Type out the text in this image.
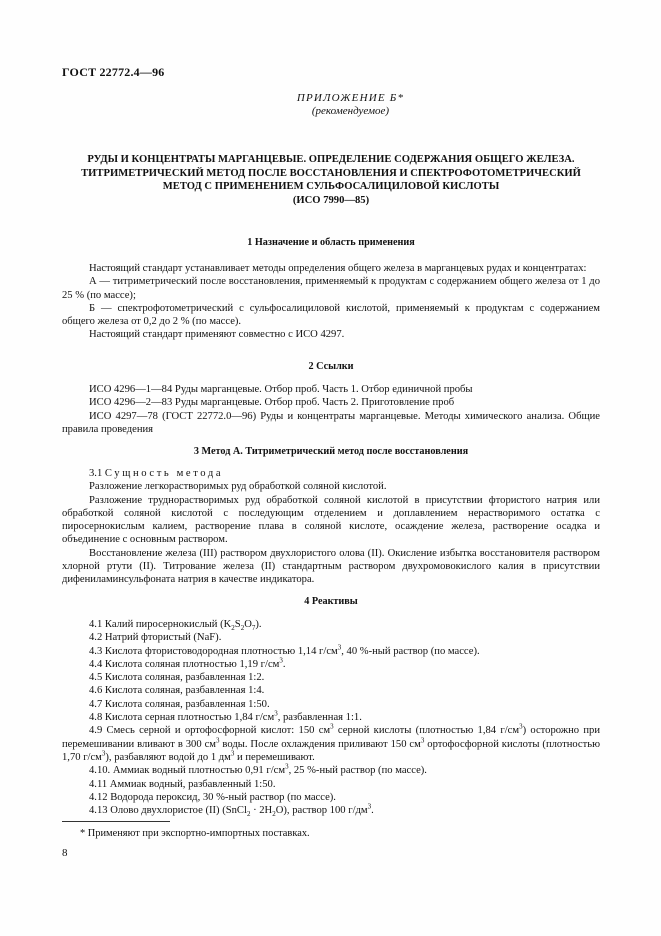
ГОСТ 22772.4—96
ПРИЛОЖЕНИЕ Б*
(рекомендуемое)
РУДЫ И КОНЦЕНТРАТЫ МАРГАНЦЕВЫЕ. ОПРЕДЕЛЕНИЕ СОДЕРЖАНИЯ ОБЩЕГО ЖЕЛЕЗА.
ТИТРИМЕТРИЧЕСКИЙ МЕТОД ПОСЛЕ ВОССТАНОВЛЕНИЯ И СПЕКТРОФОТОМЕТРИЧЕСКИЙ
МЕТОД С ПРИМЕНЕНИЕМ СУЛЬФОСАЛИЦИЛОВОЙ КИСЛОТЫ
(ИСО 7990—85)
1 Назначение и область применения

Настоящий стандарт устанавливает методы определения общего железа в марганцевых рудах и концентратах:

А — титриметрический после восстановления, применяемый к продуктам с содержанием общего железа от 1 до 25 % (по массе);

Б — спектрофотометрический с сульфосалициловой кислотой, применяемый к продуктам с содержанием общего железа от 0,2 до 2 % (по массе).

Настоящий стандарт применяют совместно с ИСО 4297.

2 Ссылки

ИСО 4296—1—84 Руды марганцевые. Отбор проб. Часть 1. Отбор единичной пробы

ИСО 4296—2—83 Руды марганцевые. Отбор проб. Часть 2. Приготовление проб

ИСО 4297—78 (ГОСТ 22772.0—96) Руды и концентраты марганцевые. Методы химического анализа. Общие правила проведения

3 Метод А. Титриметрический метод после восстановления

3.1 Сущность метода

Разложение легкорастворимых руд обработкой соляной кислотой.

Разложение труднорастворимых руд обработкой соляной кислотой в присутствии фтористого натрия или обработкой соляной кислотой с последующим отделением и доплавлением нерастворимого остатка с пиросернокислым калием, растворение плава в соляной кислоте, осаждение железа, растворение осадка и объединение с основным раствором.

Восстановление железа (III) раствором двухлористого олова (II). Окисление избытка восстановителя раствором хлорной ртути (II). Титрование железа (II) стандартным раствором двухромовокислого калия в присутствии дифениламинсульфоната натрия в качестве индикатора.

4 Реактивы

4.1 Калий пиросернокислый $(K_2S_2O_7)$.

4.2 Натрий фтористый (NaF).

4.3 Кислота фтористоводородная плотностью 1,14 $г/см^3$, 40 %-ный раствор (по массе).

4.4 Кислота соляная плотностью 1,19 $г/см^3$.

4.5 Кислота соляная, разбавленная 1:2.

4.6 Кислота соляная, разбавленная 1:4.

4.7 Кислота соляная, разбавленная 1:50.

4.8 Кислота серная плотностью 1,84 $г/см^3$, разбавленная 1:1.

4.9 Смесь серной и ортофосфорной кислот: 150 $см^3$ серной кислоты (плотностью 1,84 $г/см^3$) осторожно при перемешивании вливают в 300 $см^3$ воды. После охлаждения приливают 150 $см^3$ ортофосфорной кислоты (плотностью 1,70 $г/см^3$), разбавляют водой до 1 $дм^3$ и перемешивают.

4.10. Аммиак водный плотностью 0,91 $г/см^3$, 25 %-ный раствор (по массе).

4.11 Аммиак водный, разбавленный 1:50.

4.12 Водорода пероксид, 30 %-ный раствор (по массе).

4.13 Олово двухлористое (II) (SnCl$_2$ · $2H_2O$), раствор 100 $г/дм^3$.

* Применяют при экспортно-импортных поставках.
8
